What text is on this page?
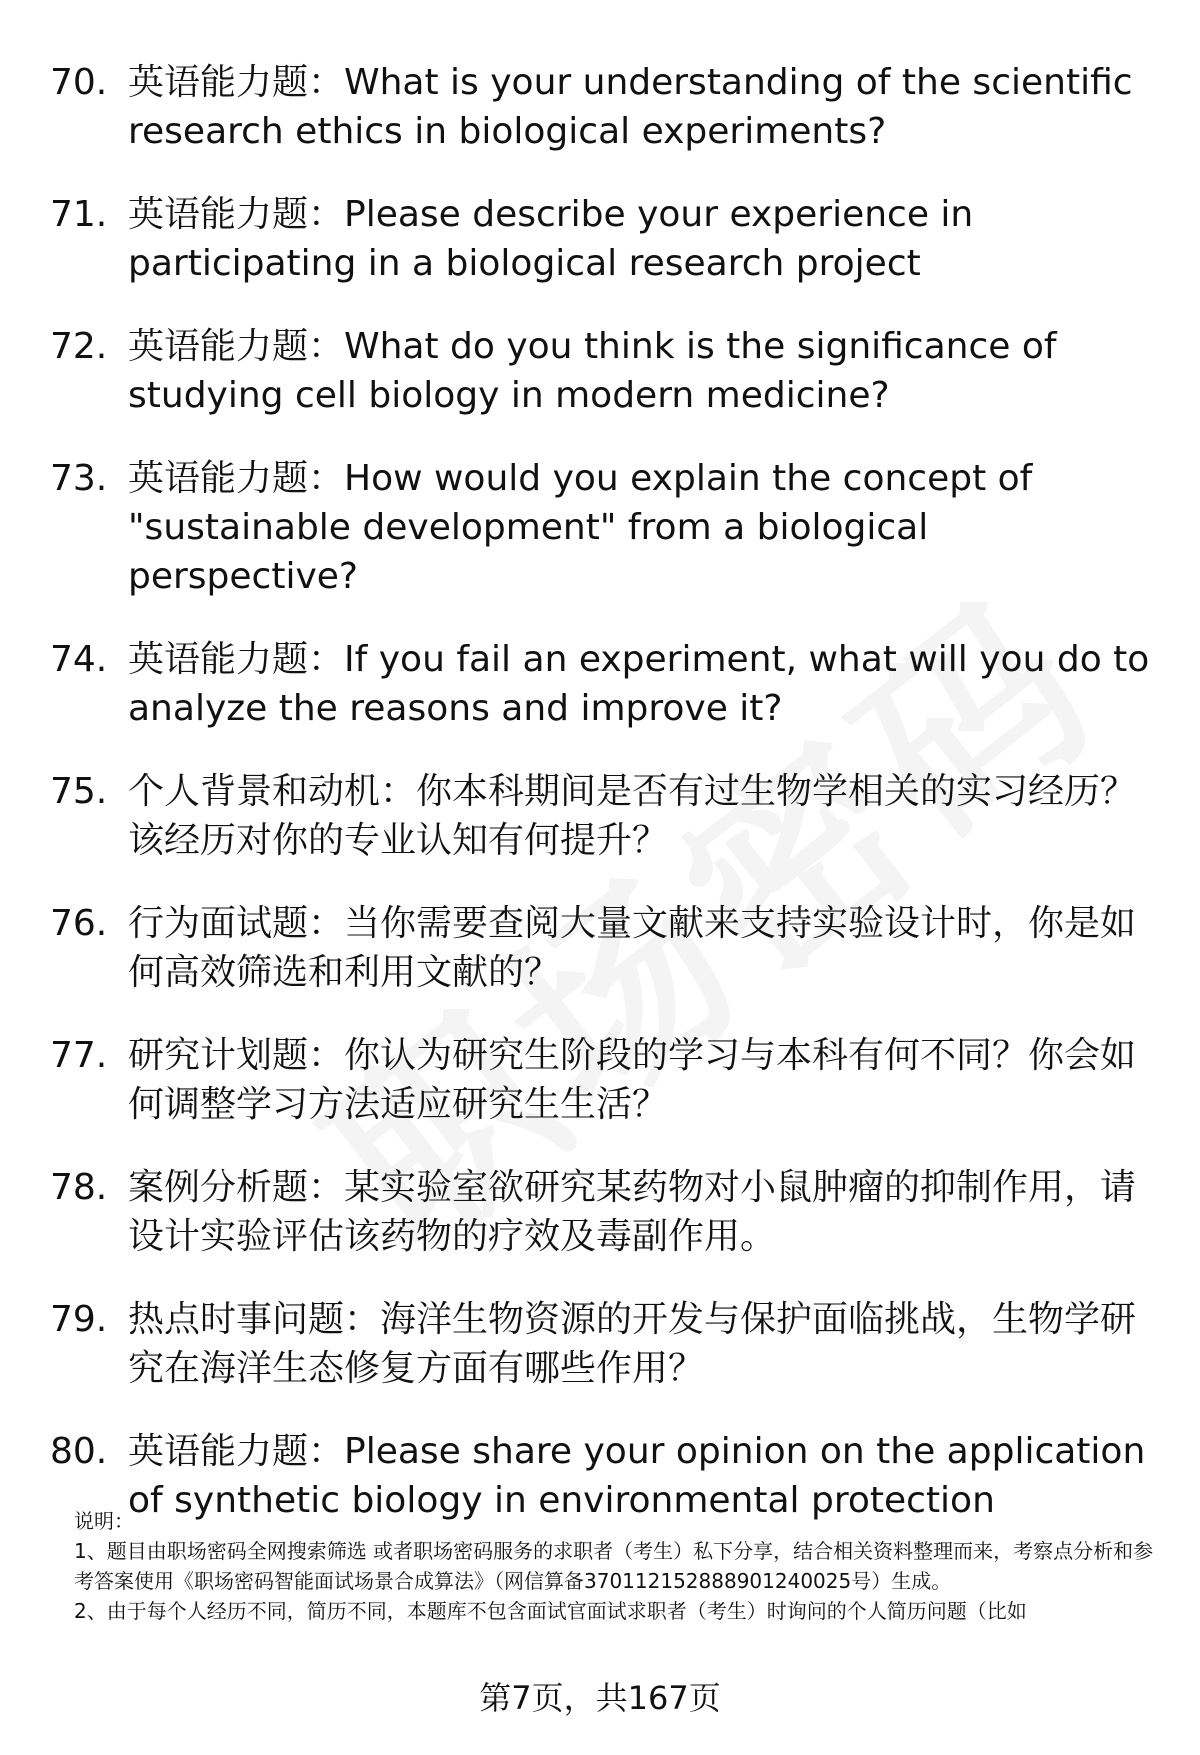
70. 英语能力题：What is your understanding of the scientific research ethics in biological experiments?
71. 英语能力题：Please describe your experience in participating in a biological research project
72. 英语能力题：What do you think is the significance of studying cell biology in modern medicine?
73. 英语能力题：How would you explain the concept of "sustainable development" from a biological perspective?
74. 英语能力题：If you fail an experiment, what will you do to analyze the reasons and improve it?
75. 个人背景和动机：你本科期间是否有过生物学相关的实习经历？该经历对你的专业认知有何提升？
76. 行为面试题：当你需要查阅大量文献来支持实验设计时，你是如何高效筛选和利用文献的？
77. 研究计划题：你认为研究生阶段的学习与本科有何不同？你会如何调整学习方法适应研究生生活？
78. 案例分析题：某实验室欲研究某药物对小鼠肿瘤的抑制作用，请设计实验评估该药物的疗效及毒副作用。
79. 热点时事问题：海洋生物资源的开发与保护面临挑战，生物学研究在海洋生态修复方面有哪些作用？
80. 英语能力题：Please share your opinion on the application of synthetic biology in environmental protection

说明：

1、题目由职场密码全网搜索筛选 或者职场密码服务的求职者（考生）私下分享，结合相关资料整理而来，考察点分析和参考答案使用《职场密码智能面试场景合成算法》（网信算备370112152888901240025号）生成。

2、由于每个人经历不同，简历不同，本题库不包含面试官面试求职者（考生）时询问的个人简历问题（比如

第7页，共167页
